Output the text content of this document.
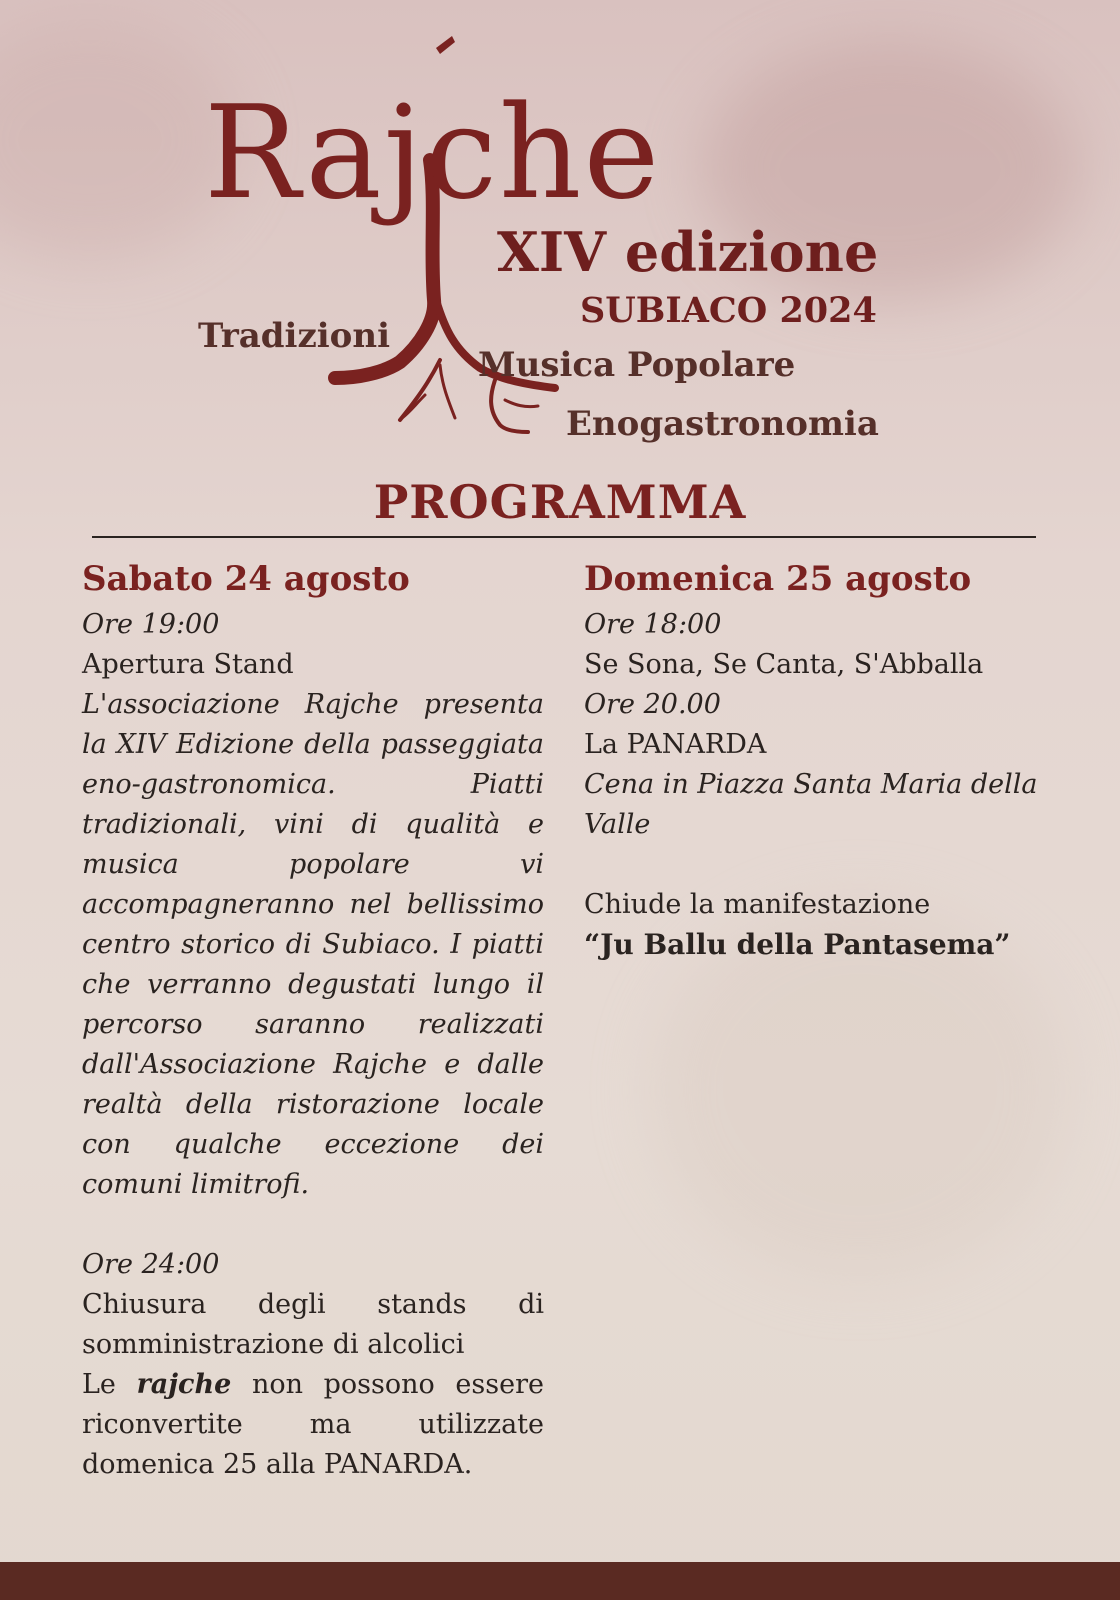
Rajche
XIV edizione
SUBIACO 2024
Tradizioni
Musica Popolare
Enogastronomia
PROGRAMMA

Sabato 24 agosto

Ore 19:00

Apertura Stand

L'associazione Rajche presenta la XIV Edizione della passeggiata eno-gastronomica. Piatti tradizionali, vini di qualità e musica popolare vi accompagneranno nel bellissimo centro storico di Subiaco. I piatti che verranno degustati lungo il percorso saranno realizzati dall'Associazione Rajche e dalle realtà della ristorazione locale con qualche eccezione dei comuni limitrofi.

Ore 24:00

Chiusura degli stands di somministrazione di alcolici

Le rajche non possono essere riconvertite ma utilizzate domenica 25 alla PANARDA.

Domenica 25 agosto

Ore 18:00

Se Sona, Se Canta, S'Abballa

Ore 20.00

La PANARDA

Cena in Piazza Santa Maria della Valle

Chiude la manifestazione

“Ju Ballu della Pantasema”
